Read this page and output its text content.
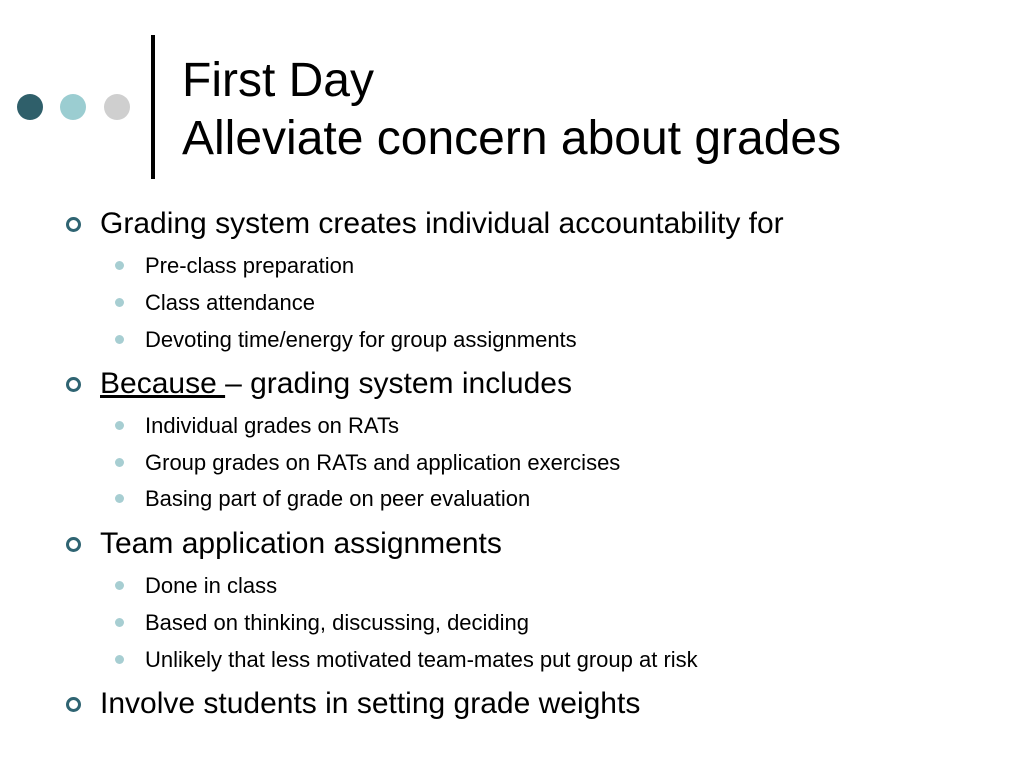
First Day
Alleviate concern about grades
Grading system creates individual accountability for
Pre-class preparation
Class attendance
Devoting time/energy for group assignments
Because – grading system includes
Individual grades on RATs
Group grades on RATs and application exercises
Basing part of grade on peer evaluation
Team application assignments
Done in class
Based on thinking, discussing, deciding
Unlikely that less motivated team-mates put group at risk
Involve students in setting grade weights
